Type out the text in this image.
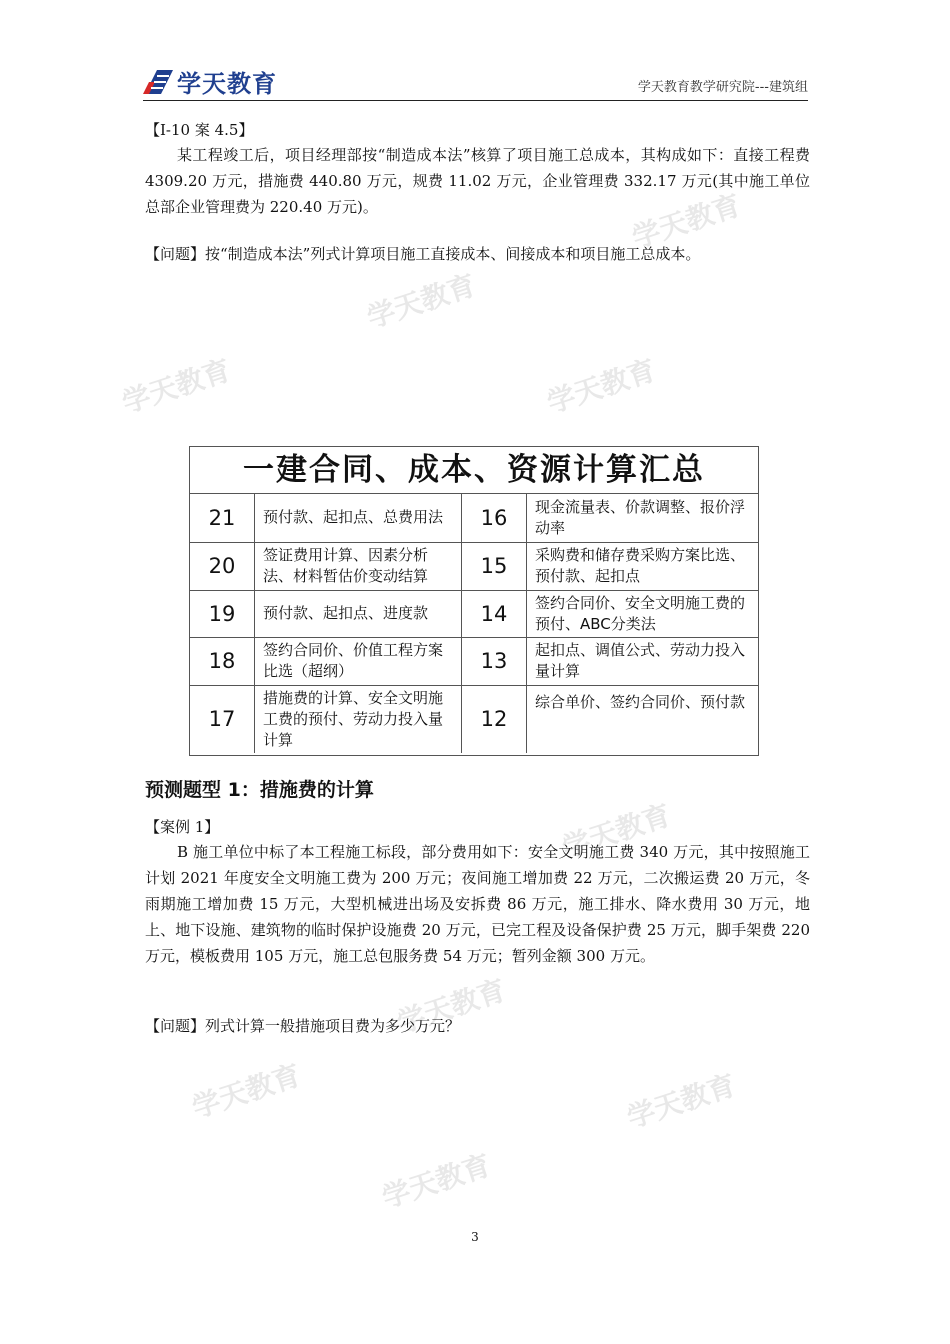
学天教育	学天教育教学研究院---建筑组
学天教育
学天教育
学天教育	学天教育
学天教育
学天教育
学天教育	学天教育
学天教育
【I-10 案 4.5】
某工程竣工后，项目经理部按“制造成本法”核算了项目施工总成本，其构成如下：直接工程费 4309.20 万元，措施费 440.80 万元，规费 11.02 万元，企业管理费 332.17 万元(其中施工单位总部企业管理费为 220.40 万元)。
【问题】按“制造成本法”列式计算项目施工直接成本、间接成本和项目施工总成本。
一建合同、成本、资源计算汇总
21	预付款、起扣点、总费用法	16	现金流量表、价款调整、报价浮动率
20	签证费用计算、因素分析法、材料暂估价变动结算	15	采购费和储存费采购方案比选、预付款、起扣点
19	预付款、起扣点、进度款	14	签约合同价、安全文明施工费的预付、ABC分类法
18	签约合同价、价值工程方案比选（超纲）	13	起扣点、调值公式、劳动力投入量计算
17	措施费的计算、安全文明施工费的预付、劳动力投入量计算	12	综合单价、签约合同价、预付款
预测题型 1：措施费的计算
【案例 1】
B 施工单位中标了本工程施工标段，部分费用如下：安全文明施工费 340 万元，其中按照施工计划 2021 年度安全文明施工费为 200 万元；夜间施工增加费 22 万元，二次搬运费 20 万元，冬雨期施工增加费 15 万元，大型机械进出场及安拆费 86 万元，施工排水、降水费用 30 万元，地上、地下设施、建筑物的临时保护设施费 20 万元，已完工程及设备保护费 25 万元，脚手架费 220 万元，模板费用 105 万元，施工总包服务费 54 万元；暂列金额 300 万元。
【问题】列式计算一般措施项目费为多少万元？
3
